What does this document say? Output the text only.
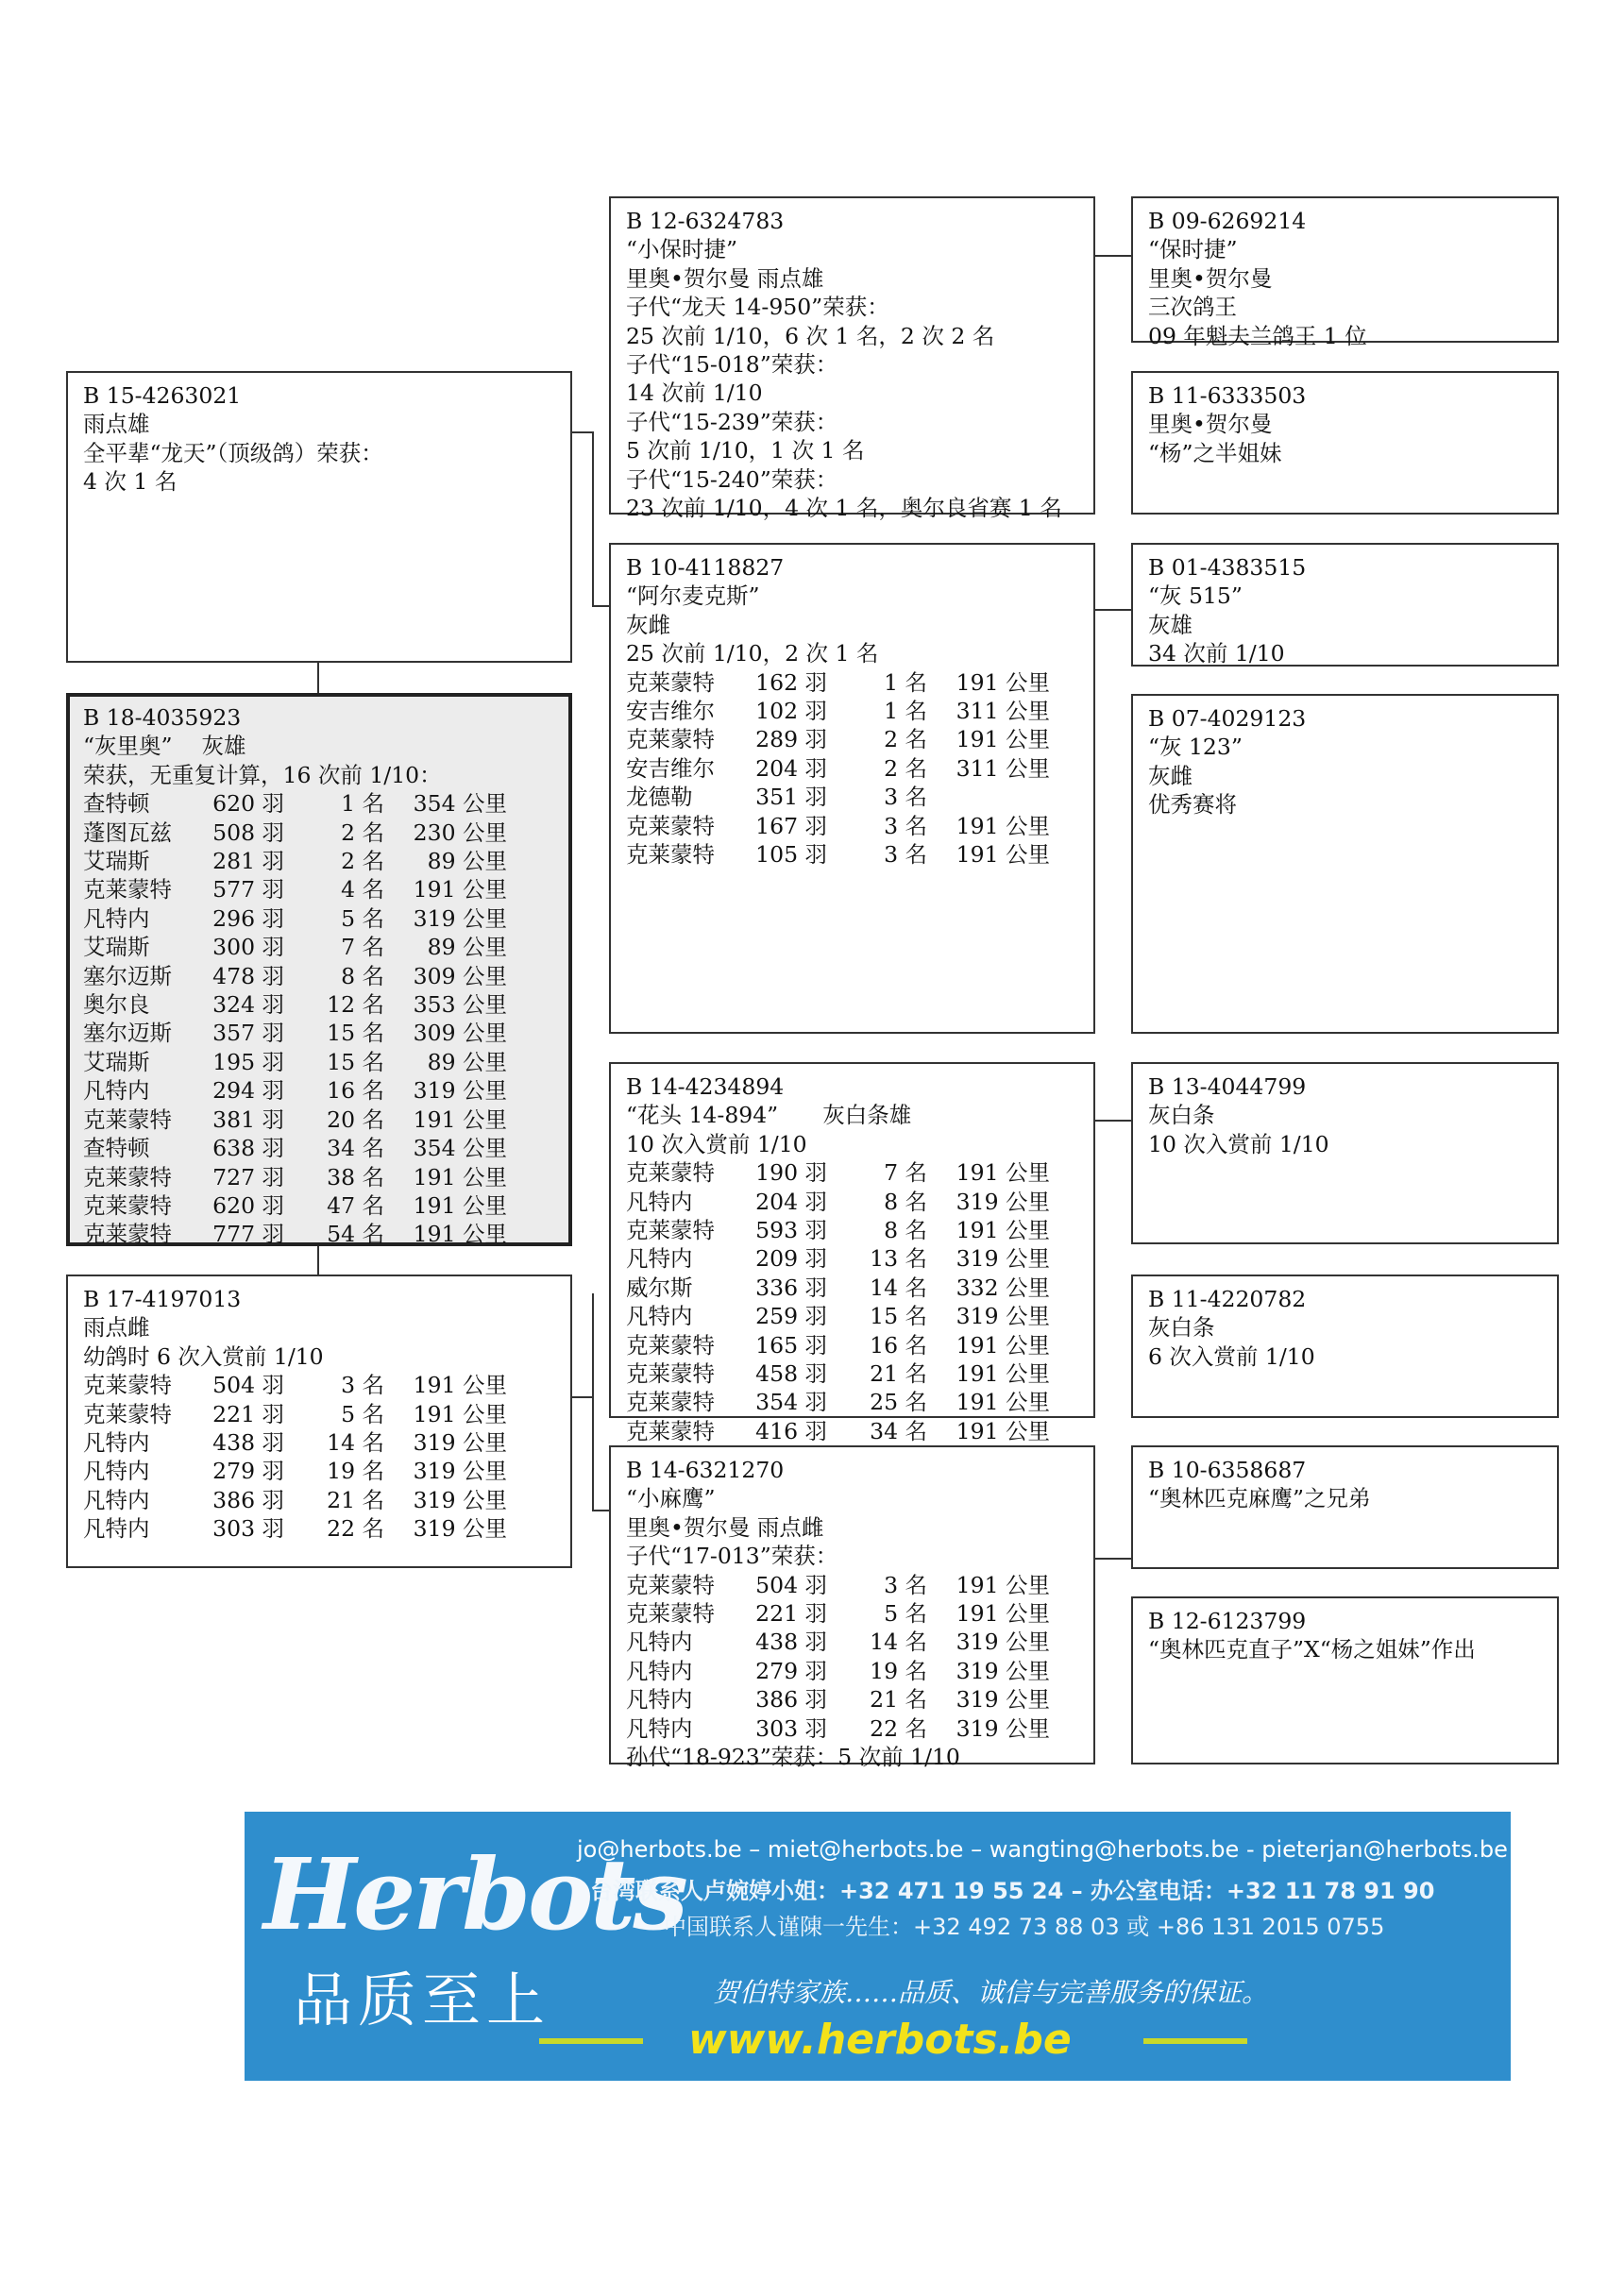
B 15-4263021
雨点雄
全平辈“龙天”（顶级鸽）荣获：
4 次 1 名
B 18-4035923
“灰里奥”　 灰雄
荣获，无重复计算，16 次前 1/10：
查特顿	620 羽	1 名	354 公里
蓬图瓦兹	508 羽	2 名	230 公里
艾瑞斯	281 羽	2 名	89 公里
克莱蒙特	577 羽	4 名	191 公里
凡特内	296 羽	5 名	319 公里
艾瑞斯	300 羽	7 名	89 公里
塞尔迈斯	478 羽	8 名	309 公里
奥尔良	324 羽	12 名	353 公里
塞尔迈斯	357 羽	15 名	309 公里
艾瑞斯	195 羽	15 名	89 公里
凡特内	294 羽	16 名	319 公里
克莱蒙特	381 羽	20 名	191 公里
查特顿	638 羽	34 名	354 公里
克莱蒙特	727 羽	38 名	191 公里
克莱蒙特	620 羽	47 名	191 公里
克莱蒙特	777 羽	54 名	191 公里
B 17-4197013
雨点雌
幼鸽时 6 次入赏前 1/10
克莱蒙特	504 羽	3 名	191 公里
克莱蒙特	221 羽	5 名	191 公里
凡特内	438 羽	14 名	319 公里
凡特内	279 羽	19 名	319 公里
凡特内	386 羽	21 名	319 公里
凡特内	303 羽	22 名	319 公里
B 12-6324783
“小保时捷”
里奥•贺尔曼 雨点雄
子代“龙天 14-950”荣获：
25 次前 1/10，6 次 1 名，2 次 2 名
子代“15-018”荣获：
14 次前 1/10
子代“15-239”荣获：
5 次前 1/10，1 次 1 名
子代“15-240”荣获：
23 次前 1/10，4 次 1 名，奥尔良省赛 1 名
B 10-4118827
“阿尔麦克斯”
灰雌
25 次前 1/10，2 次 1 名
克莱蒙特	162 羽	1 名	191 公里
安吉维尔	102 羽	1 名	311 公里
克莱蒙特	289 羽	2 名	191 公里
安吉维尔	204 羽	2 名	311 公里
龙德勒	351 羽	3 名	
克莱蒙特	167 羽	3 名	191 公里
克莱蒙特	105 羽	3 名	191 公里
B 14-4234894
“花头 14-894”　　灰白条雄
10 次入赏前 1/10
克莱蒙特	190 羽	7 名	191 公里
凡特内	204 羽	8 名	319 公里
克莱蒙特	593 羽	8 名	191 公里
凡特内	209 羽	13 名	319 公里
威尔斯	336 羽	14 名	332 公里
凡特内	259 羽	15 名	319 公里
克莱蒙特	165 羽	16 名	191 公里
克莱蒙特	458 羽	21 名	191 公里
克莱蒙特	354 羽	25 名	191 公里
克莱蒙特	416 羽	34 名	191 公里
B 14-6321270
“小麻鹰”
里奥•贺尔曼 雨点雌
子代“17-013”荣获：
克莱蒙特	504 羽	3 名	191 公里
克莱蒙特	221 羽	5 名	191 公里
凡特内	438 羽	14 名	319 公里
凡特内	279 羽	19 名	319 公里
凡特内	386 羽	21 名	319 公里
凡特内	303 羽	22 名	319 公里
孙代“18-923”荣获：5 次前 1/10
B 09-6269214
“保时捷”
里奥•贺尔曼
三次鸽王
09 年魁夫兰鸽王 1 位
B 11-6333503
里奥•贺尔曼
“杨”之半姐妹
B 01-4383515
“灰 515”
灰雄
34 次前 1/10
B 07-4029123
“灰 123”
灰雌
优秀赛将
B 13-4044799
灰白条
10 次入赏前 1/10
B 11-4220782
灰白条
6 次入赏前 1/10
B 10-6358687
“奥林匹克麻鹰”之兄弟
B 12-6123799
“奥林匹克直子”X“杨之姐妹”作出
Herbots
品质至上
jo@herbots.be – miet@herbots.be – wangting@herbots.be - pieterjan@herbots.be
台湾联系人卢婉婷小姐：+32 471 19 55 24 – 办公室电话：+32 11 78 91 90
中国联系人谨陳一先生：+32 492 73 88 03 或 +86 131 2015 0755
贺伯特家族……品质、诚信与完善服务的保证。
www.herbots.be
